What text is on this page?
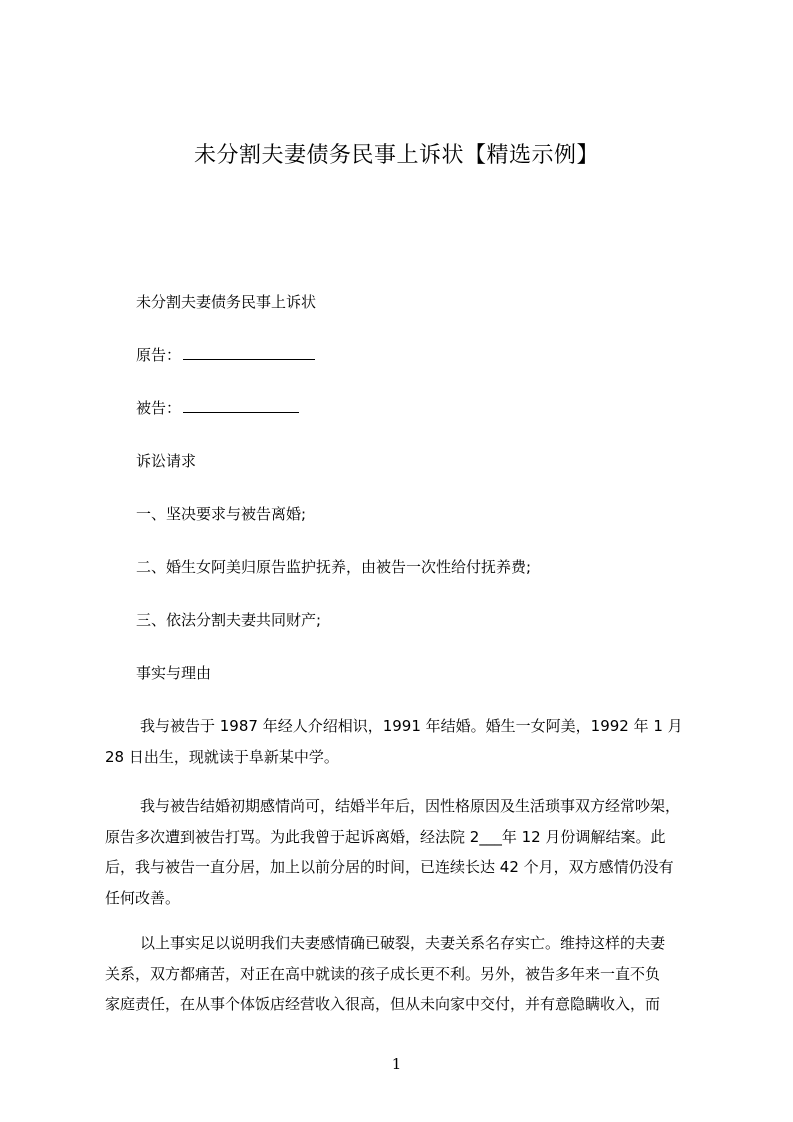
未分割夫妻债务民事上诉状【精选示例】
未分割夫妻债务民事上诉状
原告：
被告：
诉讼请求
一、坚决要求与被告离婚;
二、婚生女阿美归原告监护抚养，由被告一次性给付抚养费;
三、依法分割夫妻共同财产;
事实与理由
我与被告于 1987 年经人介绍相识，1991 年结婚。婚生一女阿美，1992 年 1 月
28 日出生，现就读于阜新某中学。
我与被告结婚初期感情尚可，结婚半年后，因性格原因及生活琐事双方经常吵架，
原告多次遭到被告打骂。为此我曾于起诉离婚，经法院 2___年 12 月份调解结案。此
后，我与被告一直分居，加上以前分居的时间，已连续长达 42 个月，双方感情仍没有
任何改善。
以上事实足以说明我们夫妻感情确已破裂，夫妻关系名存实亡。维持这样的夫妻
关系，双方都痛苦，对正在高中就读的孩子成长更不利。另外，被告多年来一直不负
家庭责任，在从事个体饭店经营收入很高，但从未向家中交付，并有意隐瞒收入，而
1
